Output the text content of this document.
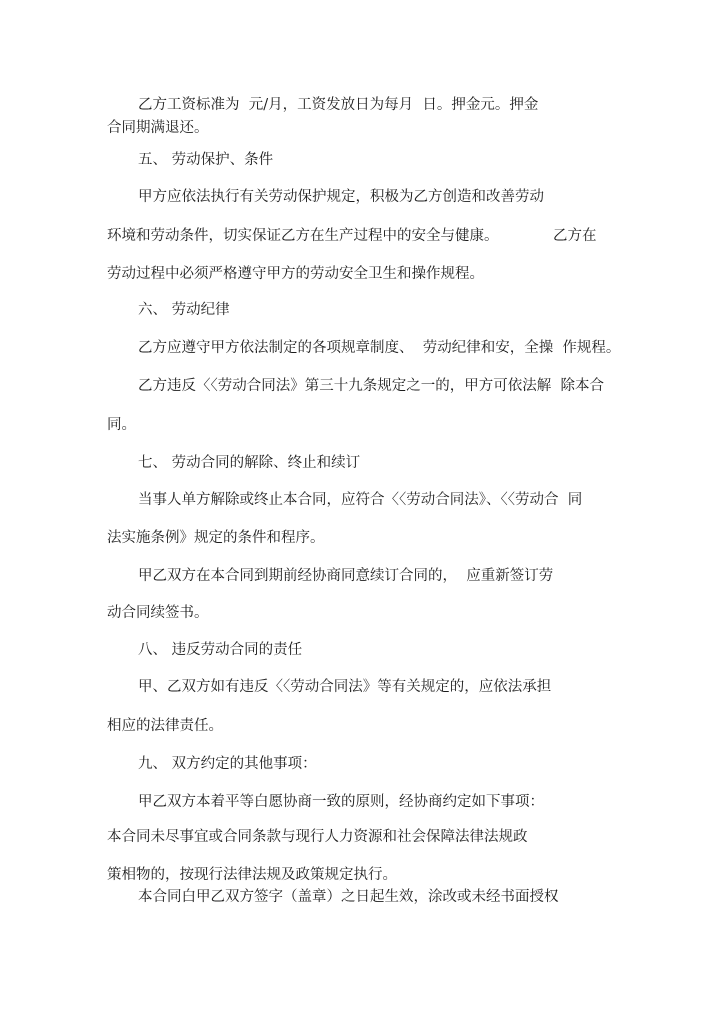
乙方工资标准为  元/月，工资发放日为每月  日。押金元。押金

合同期满退还。

五、 劳动保护、条件

甲方应依法执行有关劳动保护规定，积极为乙方创造和改善劳动

环境和劳动条件，切实保证乙方在生产过程中的安全与健康。	乙方在

劳动过程中必须严格遵守甲方的劳动安全卫生和操作规程。

六、 劳动纪律

乙方应遵守甲方依法制定的各项规章制度、  劳动纪律和安，全操  作规程。

乙方违反〈〈劳动合同法》第三十九条规定之一的，甲方可依法解  除本合

同。

七、 劳动合同的解除、终止和续订

当事人单方解除或终止本合同，应符合〈〈劳动合同法》、〈〈劳动合  同

法实施条例》规定的条件和程序。

甲乙双方在本合同到期前经协商同意续订合同的，  应重新签订劳

动合同续签书。

八、 违反劳动合同的责任

甲、乙双方如有违反〈〈劳动合同法》等有关规定的，应依法承担

相应的法律责任。

九、 双方约定的其他事项：

甲乙双方本着平等白愿协商一致的原则，经协商约定如下事项：

本合同未尽事宜或合同条款与现行人力资源和社会保障法律法规政

策相物的，按现行法律法规及政策规定执行。

本合同白甲乙双方签字（盖章）之日起生效，涂改或未经书面授权
